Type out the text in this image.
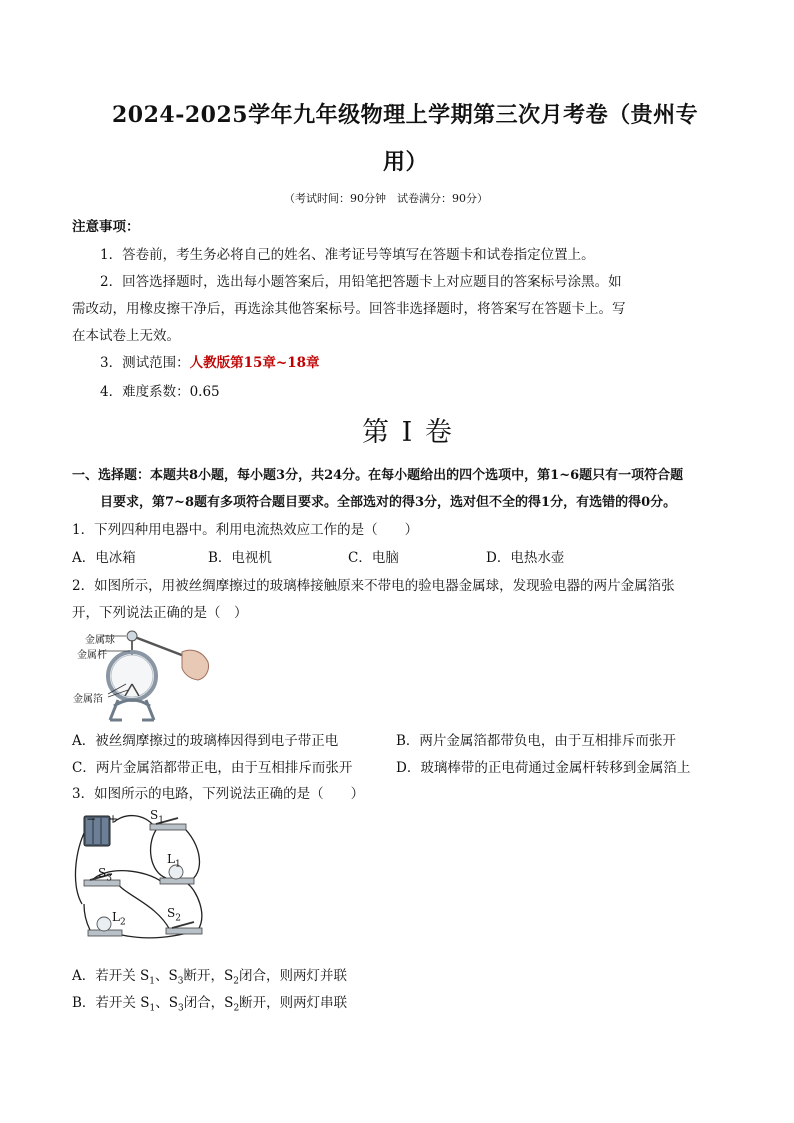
2024-2025学年九年级物理上学期第三次月考卷（贵州专
用）
（考试时间：90分钟　试卷满分：90分）
注意事项：
1．答卷前，考生务必将自己的姓名、准考证号等填写在答题卡和试卷指定位置上。
2．回答选择题时，选出每小题答案后，用铅笔把答题卡上对应题目的答案标号涂黑。如
需改动，用橡皮擦干净后，再选涂其他答案标号。回答非选择题时，将答案写在答题卡上。写
在本试卷上无效。
3．测试范围：人教版第15章~18章
4．难度系数：0.65
第 I 卷
一、选择题：本题共8小题，每小题3分，共24分。在每小题给出的四个选项中，第1~6题只有一项符合题
目要求，第7~8题有多项符合题目要求。全部选对的得3分，选对但不全的得1分，有选错的得0分。
1．下列四种用电器中。利用电流热效应工作的是（　　）
A．电冰箱	B．电视机	C．电脑	D．电热水壶
2．如图所示，用被丝绸摩擦过的玻璃棒接触原来不带电的验电器金属球，发现验电器的两片金属箔张
开，下列说法正确的是（　）
金属球
金属杆
金属箔
A．被丝绸摩擦过的玻璃棒因得到电子带正电	B．两片金属箔都带负电，由于互相排斥而张开
C．两片金属箔都带正电，由于互相排斥而张开	D．玻璃棒带的正电荷通过金属杆转移到金属箔上
3．如图所示的电路，下列说法正确的是（　　）
− +	$S_1$
$L_1$
$S_3$
$L_2$
$S_2$
A．若开关 $S_1$、$S_3$断开，$S_2$闭合，则两灯并联
B．若开关 $S_1$、$S_3$闭合，$S_2$断开，则两灯串联
